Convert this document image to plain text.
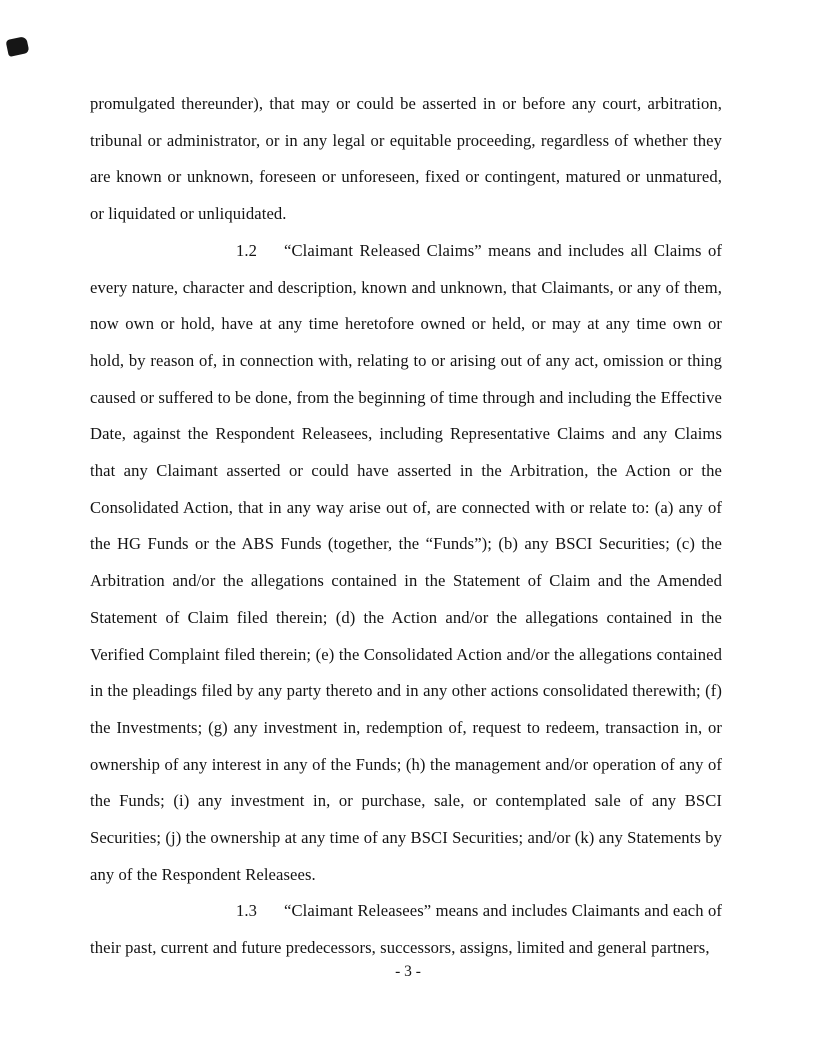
promulgated thereunder), that may or could be asserted in or before any court, arbitration, tribunal or administrator, or in any legal or equitable proceeding, regardless of whether they are known or unknown, foreseen or unforeseen, fixed or contingent, matured or unmatured, or liquidated or unliquidated.

1.2 “Claimant Released Claims” means and includes all Claims of every nature, character and description, known and unknown, that Claimants, or any of them, now own or hold, have at any time heretofore owned or held, or may at any time own or hold, by reason of, in connection with, relating to or arising out of any act, omission or thing caused or suffered to be done, from the beginning of time through and including the Effective Date, against the Respondent Releasees, including Representative Claims and any Claims that any Claimant asserted or could have asserted in the Arbitration, the Action or the Consolidated Action, that in any way arise out of, are connected with or relate to: (a) any of the HG Funds or the ABS Funds (together, the “Funds”); (b) any BSCI Securities; (c) the Arbitration and/or the allegations contained in the Statement of Claim and the Amended Statement of Claim filed therein; (d) the Action and/or the allegations contained in the Verified Complaint filed therein; (e) the Consolidated Action and/or the allegations contained in the pleadings filed by any party thereto and in any other actions consolidated therewith; (f) the Investments; (g) any investment in, redemption of, request to redeem, transaction in, or ownership of any interest in any of the Funds; (h) the management and/or operation of any of the Funds; (i) any investment in, or purchase, sale, or contemplated sale of any BSCI Securities; (j) the ownership at any time of any BSCI Securities; and/or (k) any Statements by any of the Respondent Releasees.

1.3 “Claimant Releasees” means and includes Claimants and each of their past, current and future predecessors, successors, assigns, limited and general partners,

- 3 -
